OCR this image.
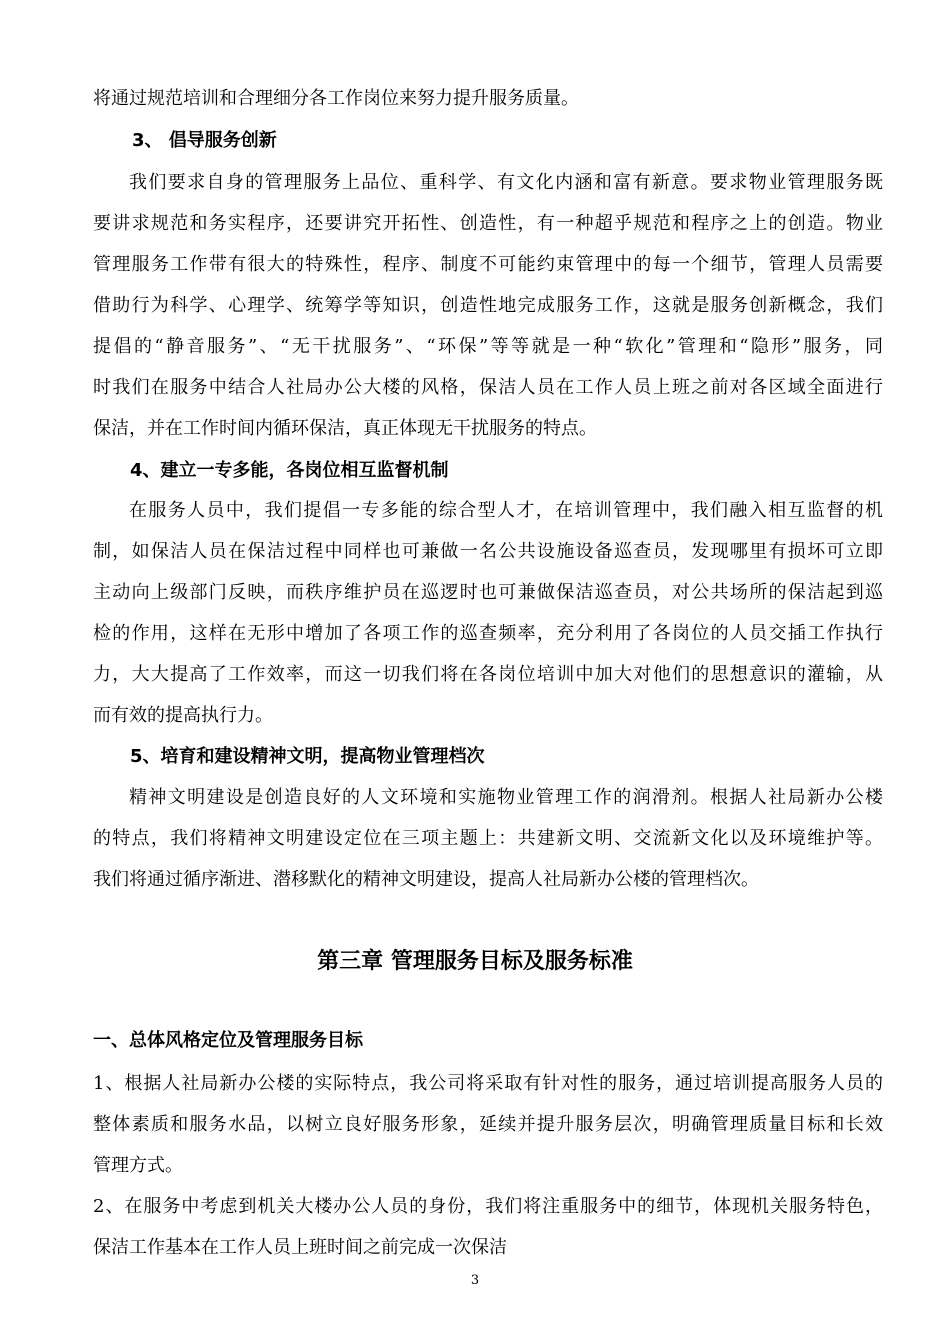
将通过规范培训和合理细分各工作岗位来努力提升服务质量。
3、 倡导服务创新
我们要求自身的管理服务上品位、重科学、有文化内涵和富有新意。要求物业管理服务既
要讲求规范和务实程序，还要讲究开拓性、创造性，有一种超乎规范和程序之上的创造。物业
管理服务工作带有很大的特殊性，程序、制度不可能约束管理中的每一个细节，管理人员需要
借助行为科学、心理学、统筹学等知识，创造性地完成服务工作，这就是服务创新概念，我们
提倡的“静音服务”、“无干扰服务”、“环保”等等就是一种“软化”管理和“隐形”服务，同
时我们在服务中结合人社局办公大楼的风格，保洁人员在工作人员上班之前对各区域全面进行
保洁，并在工作时间内循环保洁，真正体现无干扰服务的特点。
4、建立一专多能，各岗位相互监督机制
在服务人员中，我们提倡一专多能的综合型人才，在培训管理中，我们融入相互监督的机
制，如保洁人员在保洁过程中同样也可兼做一名公共设施设备巡查员，发现哪里有损坏可立即
主动向上级部门反映，而秩序维护员在巡逻时也可兼做保洁巡查员，对公共场所的保洁起到巡
检的作用，这样在无形中增加了各项工作的巡查频率，充分利用了各岗位的人员交插工作执行
力，大大提高了工作效率，而这一切我们将在各岗位培训中加大对他们的思想意识的灌输，从
而有效的提高执行力。
5、培育和建设精神文明，提高物业管理档次
精神文明建设是创造良好的人文环境和实施物业管理工作的润滑剂。根据人社局新办公楼
的特点，我们将精神文明建设定位在三项主题上：共建新文明、交流新文化以及环境维护等。
我们将通过循序渐进、潜移默化的精神文明建设，提高人社局新办公楼的管理档次。
第三章 管理服务目标及服务标准
一、总体风格定位及管理服务目标
1、根据人社局新办公楼的实际特点，我公司将采取有针对性的服务，通过培训提高服务人员的
整体素质和服务水品，以树立良好服务形象，延续并提升服务层次，明确管理质量目标和长效
管理方式。
2、在服务中考虑到机关大楼办公人员的身份，我们将注重服务中的细节，体现机关服务特色，
保洁工作基本在工作人员上班时间之前完成一次保洁
3
